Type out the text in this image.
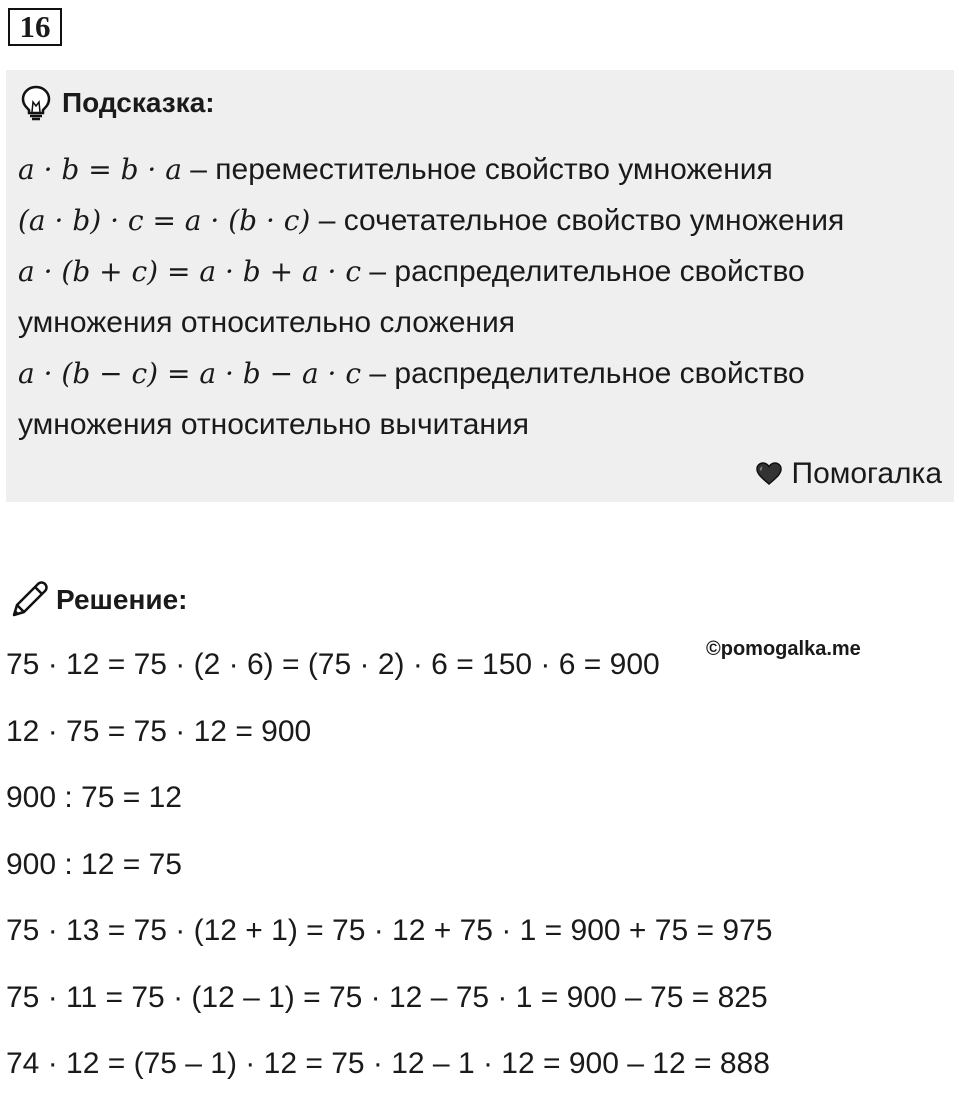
16
Подсказка:
a · b = b · a – переместительное свойство умножения
(a · b) · c = a · (b · c) – сочетательное свойство умножения
a · (b + c) = a · b + a · c – распределительное свойство
умножения относительно сложения
a · (b − c) = a · b − a · c – распределительное свойство
умножения относительно вычитания
Помогалка
Решение:
©pomogalka.me
75 · 12 = 75 · (2 · 6) = (75 · 2) · 6 = 150 · 6 = 900
12 · 75 = 75 · 12 = 900
900 : 75 = 12
900 : 12 = 75
75 · 13 = 75 · (12 + 1) = 75 · 12 + 75 · 1 = 900 + 75 = 975
75 · 11 = 75 · (12 – 1) = 75 · 12 – 75 · 1 = 900 – 75 = 825
74 · 12 = (75 – 1) · 12 = 75 · 12 – 1 · 12 = 900 – 12 = 888
